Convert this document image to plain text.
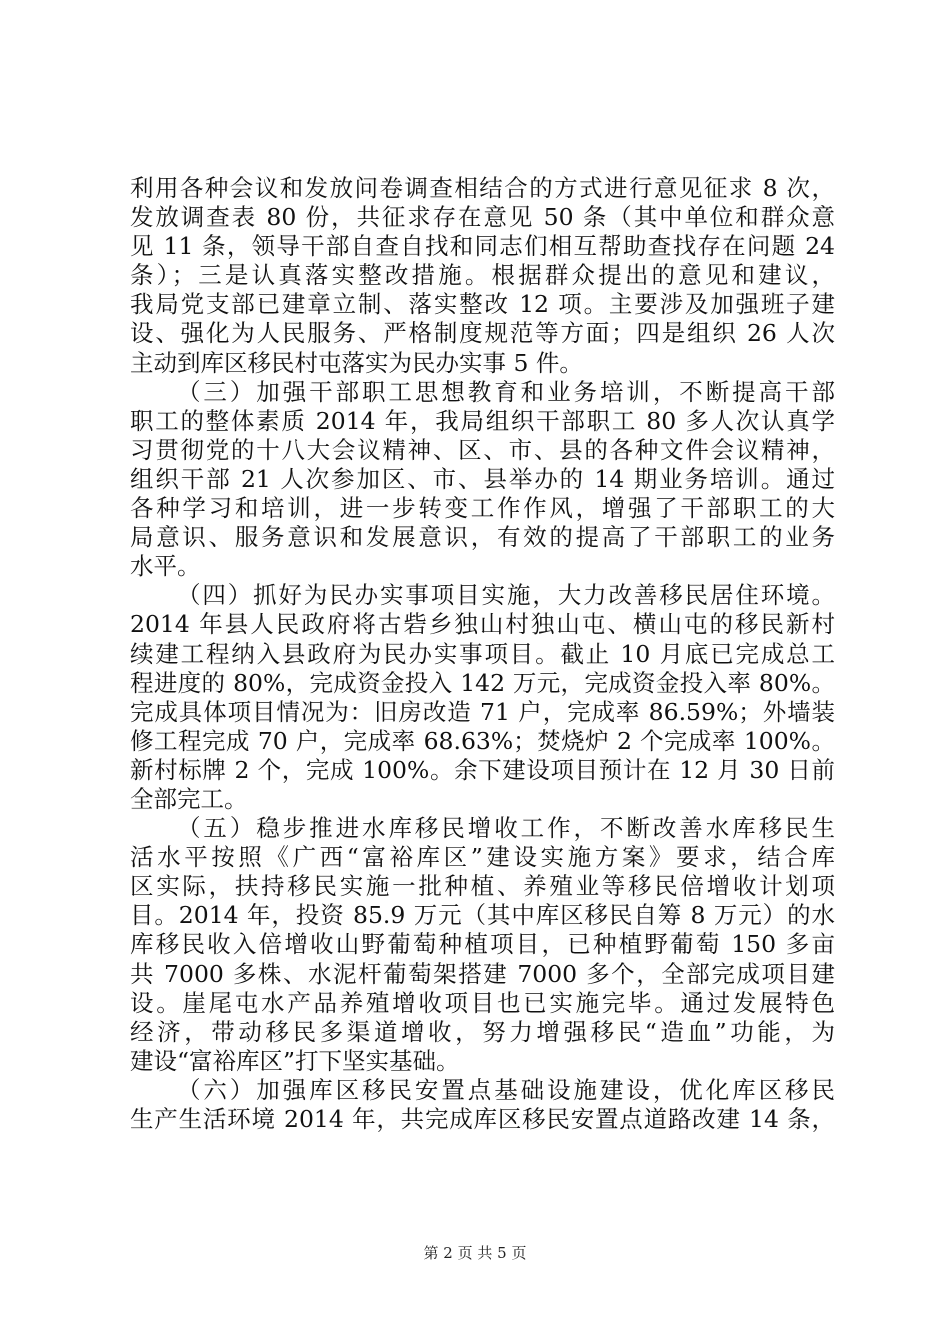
利用各种会议和发放问卷调查相结合的方式进行意见征求 8 次，
发放调查表 80 份，共征求存在意见 50 条（其中单位和群众意
见 11 条，领导干部自查自找和同志们相互帮助查找存在问题 24
条）；三是认真落实整改措施。根据群众提出的意见和建议，
我局党支部已建章立制、落实整改 12 项。主要涉及加强班子建
设、强化为人民服务、严格制度规范等方面；四是组织 26 人次
主动到库区移民村屯落实为民办实事 5 件。
（三）加强干部职工思想教育和业务培训，不断提高干部
职工的整体素质 2014 年，我局组织干部职工 80 多人次认真学
习贯彻党的十八大会议精神、区、市、县的各种文件会议精神，
组织干部 21 人次参加区、市、县举办的 14 期业务培训。通过
各种学习和培训，进一步转变工作作风，增强了干部职工的大
局意识、服务意识和发展意识，有效的提高了干部职工的业务
水平。
（四）抓好为民办实事项目实施，大力改善移民居住环境。
2014 年县人民政府将古砦乡独山村独山屯、横山屯的移民新村
续建工程纳入县政府为民办实事项目。截止 10 月底已完成总工
程进度的 80%，完成资金投入 142 万元，完成资金投入率 80%。
完成具体项目情况为：旧房改造 71 户，完成率 86.59%；外墙装
修工程完成 70 户，完成率 68.63%；焚烧炉 2 个完成率 100%。
新村标牌 2 个，完成 100%。余下建设项目预计在 12 月 30 日前
全部完工。
（五）稳步推进水库移民增收工作，不断改善水库移民生
活水平按照《广西“富裕库区”建设实施方案》要求，结合库
区实际，扶持移民实施一批种植、养殖业等移民倍增收计划项
目。2014 年，投资 85.9 万元（其中库区移民自筹 8 万元）的水
库移民收入倍增收山野葡萄种植项目，已种植野葡萄 150 多亩
共 7000 多株、水泥杆葡萄架搭建 7000 多个，全部完成项目建
设。崖尾屯水产品养殖增收项目也已实施完毕。通过发展特色
经济，带动移民多渠道增收，努力增强移民“造血”功能，为
建设“富裕库区”打下坚实基础。
（六）加强库区移民安置点基础设施建设，优化库区移民
生产生活环境 2014 年，共完成库区移民安置点道路改建 14 条，
第 2 页 共 5 页
